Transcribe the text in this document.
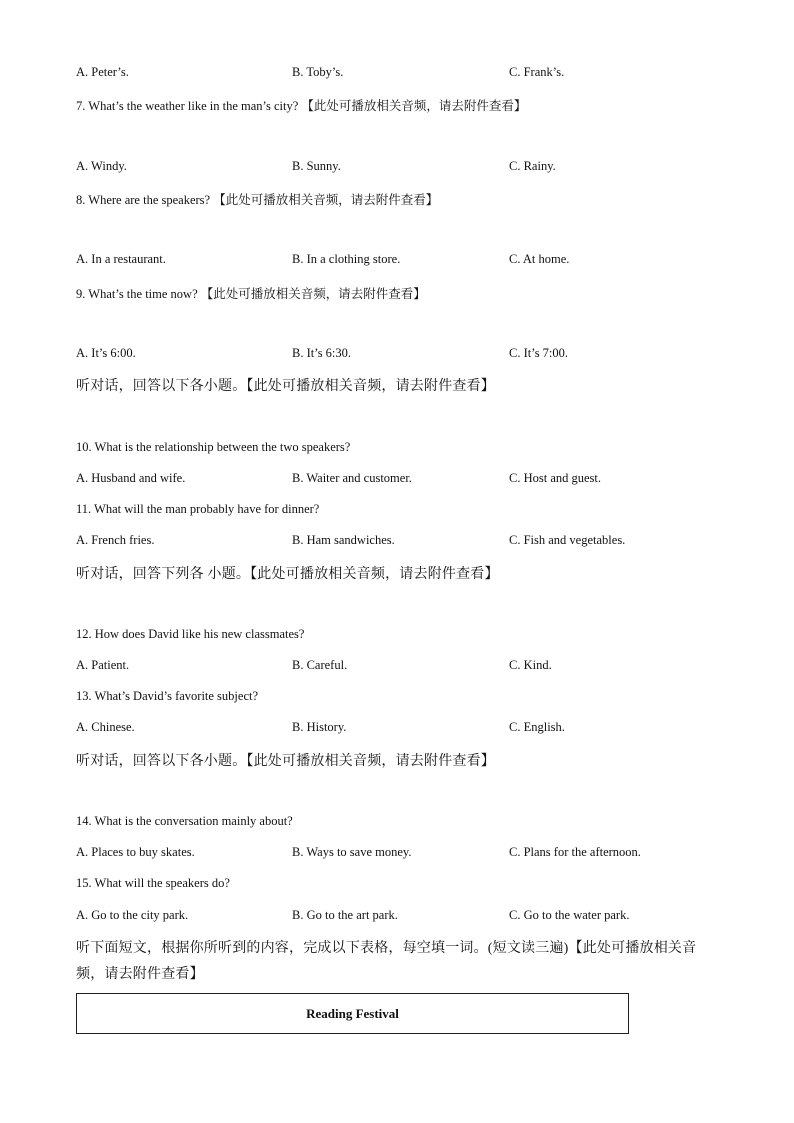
A. Peter’s.	B. Toby’s.	C. Frank’s.
7. What’s the weather like in the man’s city? 【此处可播放相关音频，请去附件查看】
A. Windy.	B. Sunny.	C. Rainy.
8. Where are the speakers? 【此处可播放相关音频，请去附件查看】
A. In a restaurant.	B. In a clothing store.	C. At home.
9. What’s the time now? 【此处可播放相关音频，请去附件查看】
A. It’s 6:00.	B. It’s 6:30.	C. It’s 7:00.
听对话，回答以下各小题。【此处可播放相关音频，请去附件查看】
10. What is the relationship between the two speakers?
A. Husband and wife.	B. Waiter and customer.	C. Host and guest.
11. What will the man probably have for dinner?
A. French fries.	B. Ham sandwiches.	C. Fish and vegetables.
听对话，回答下列各 小题。【此处可播放相关音频，请去附件查看】
12. How does David like his new classmates?
A. Patient.	B. Careful.	C. Kind.
13. What’s David’s favorite subject?
A. Chinese.	B. History.	C. English.
听对话，回答以下各小题。【此处可播放相关音频，请去附件查看】
14. What is the conversation mainly about?
A. Places to buy skates.	B. Ways to save money.	C. Plans for the afternoon.
15. What will the speakers do?
A. Go to the city park.	B. Go to the art park.	C. Go to the water park.
听下面短文，根据你所听到的内容，完成以下表格，每空填一词。(短文读三遍)【此处可播放相关音
频，请去附件查看】
Reading Festival
